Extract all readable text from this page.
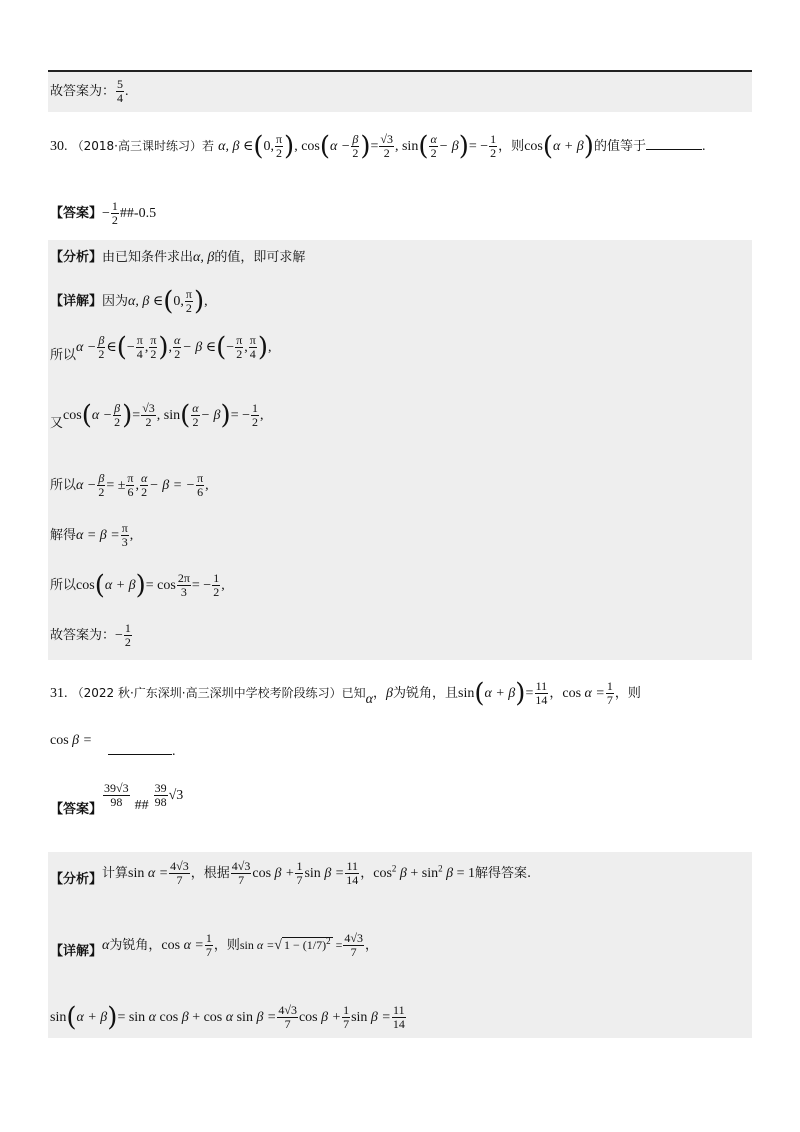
故答案为： $\frac{5}{4}$ .
30. （2018·高三课时练习）若 α, β ∈(0, $\frac{\pi}{2}$ ), $\cos(\alpha - \frac{\beta}{2}$ )= $\frac{√3}{2}$ , $\sin( \frac{\alpha}{2} - \beta)= - \frac{1}{2}$ ，则cos(α + β)的值等于	.
【答案】− $\frac{1}{2}$ ##-0.5
【分析】由已知条件求出α, β的值，即可求解
【详解】因为α, β ∈(0, $\frac{\pi}{2}$ ),
所以$\alpha - \frac{\beta}{2}$ ∈(− $\frac{\pi}{4}$ , $\frac{\pi}{2}$ ), $\frac{\alpha}{2} - \beta$ ∈(− $\frac{\pi}{2}$ , $\frac{\pi}{4}$ ),
又$\cos(\alpha - \frac{\beta}{2}$ )= $\frac{√3}{2}$ , $\sin( \frac{\alpha}{2} - \beta)= - \frac{1}{2}$ ,
所以$\alpha - \frac{\beta}{2}$ = ± $\frac{\pi}{6}$ , $\frac{\alpha}{2} - \beta$ = − $\frac{\pi}{6}$ ,
解得$\alpha = \beta = \frac{\pi}{3}$ ,
所以$\cos(\alpha + \beta)= \cos \frac{2\pi}{3}$ = − $\frac{1}{2}$ ,
故答案为：− $\frac{1}{2}$
31. （2022 秋·广东深圳·高三深圳中学校考阶段练习）已知α，β为锐角，且$\sin(\alpha + \beta)= \frac{11}{14}$ ，$\cos \alpha = \frac{1}{7}$ ，则
cos β =
.
【答案】
$\frac{39√3}{98}$ ## $\frac{39}{98} √3$
【分析】计算$\sin \alpha = \frac{4√3}{7}$ ，根据 $\frac{4√3}{7}$ $\cos \beta + \frac{1}{7}$ $\sin \beta = \frac{11}{14}$ ，$\cos^2 \beta + \sin^2 \beta = 1$解得答案.
【详解】α为锐角，$\cos \alpha = \frac{1}{7}$ ，则sin α =√ $1 - (1/7)^2 = \frac{4√3}{7}$ ，
sin(α + β)= sin α cos β + cos α $\sin \beta = \frac{4√3}{7}$ $\cos \beta + \frac{1}{7}$ $\sin \beta = \frac{11}{14}$
